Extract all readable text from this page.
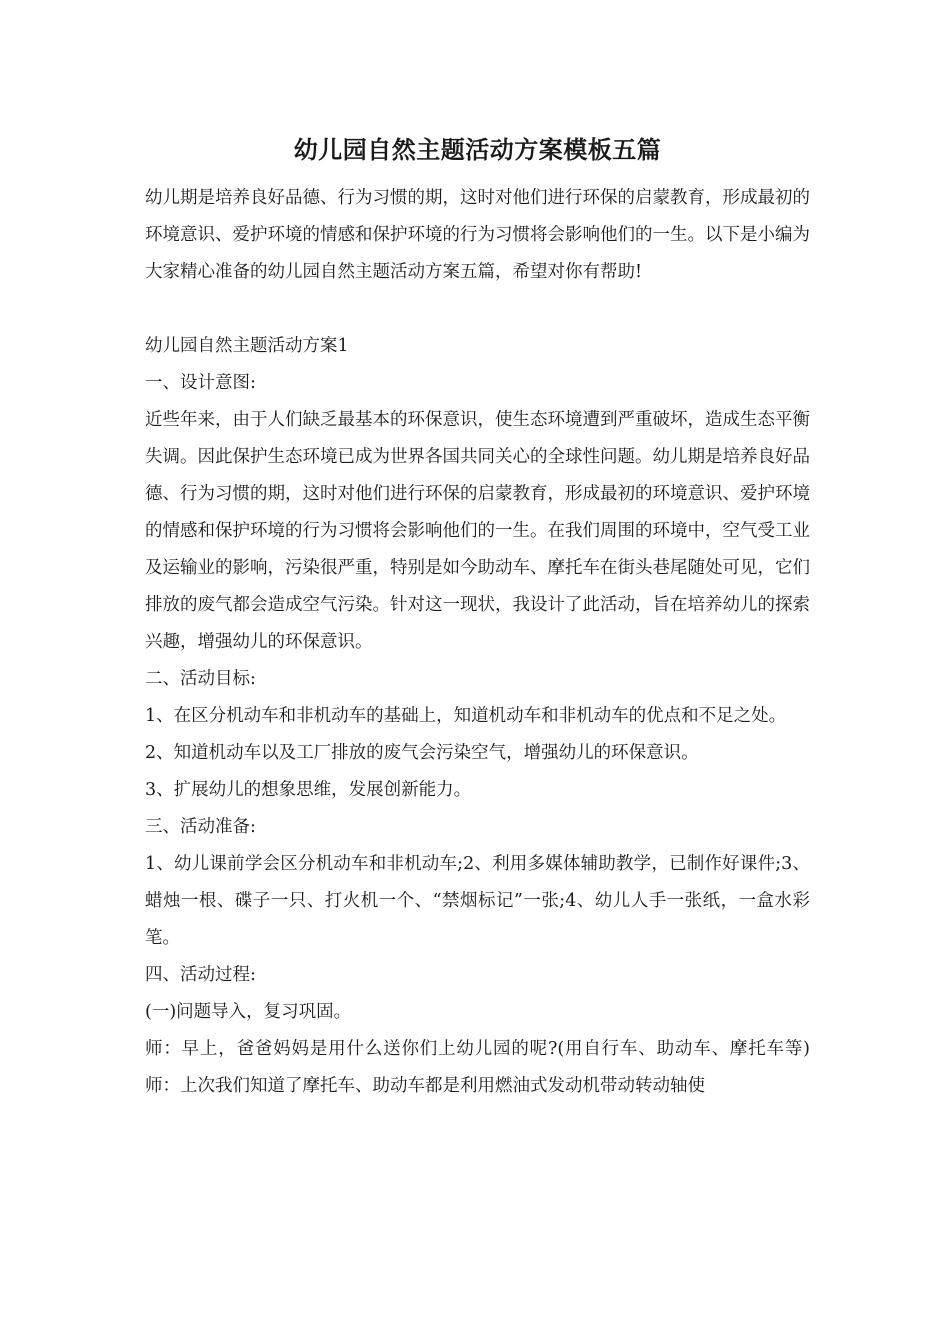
幼儿园自然主题活动方案模板五篇

幼儿期是培养良好品德、行为习惯的期，这时对他们进行环保的启蒙教育，形成最初的环境意识、爱护环境的情感和保护环境的行为习惯将会影响他们的一生。以下是小编为大家精心准备的幼儿园自然主题活动方案五篇，希望对你有帮助!

幼儿园自然主题活动方案1

一、设计意图:

近些年来，由于人们缺乏最基本的环保意识，使生态环境遭到严重破坏，造成生态平衡失调。因此保护生态环境已成为世界各国共同关心的全球性问题。幼儿期是培养良好品德、行为习惯的期，这时对他们进行环保的启蒙教育，形成最初的环境意识、爱护环境的情感和保护环境的行为习惯将会影响他们的一生。在我们周围的环境中，空气受工业及运输业的影响，污染很严重，特别是如今助动车、摩托车在街头巷尾随处可见，它们排放的废气都会造成空气污染。针对这一现状，我设计了此活动，旨在培养幼儿的探索兴趣，增强幼儿的环保意识。

二、活动目标:

1、在区分机动车和非机动车的基础上，知道机动车和非机动车的优点和不足之处。

2、知道机动车以及工厂排放的废气会污染空气，增强幼儿的环保意识。

3、扩展幼儿的想象思维，发展创新能力。

三、活动准备:

1、幼儿课前学会区分机动车和非机动车;2、利用多媒体辅助教学，已制作好课件;3、蜡烛一根、碟子一只、打火机一个、“禁烟标记”一张;4、幼儿人手一张纸，一盒水彩笔。

四、活动过程:

(一)问题导入，复习巩固。

师：早上，爸爸妈妈是用什么送你们上幼儿园的呢?(用自行车、助动车、摩托车等)师：上次我们知道了摩托车、助动车都是利用燃油式发动机带动转动轴使
